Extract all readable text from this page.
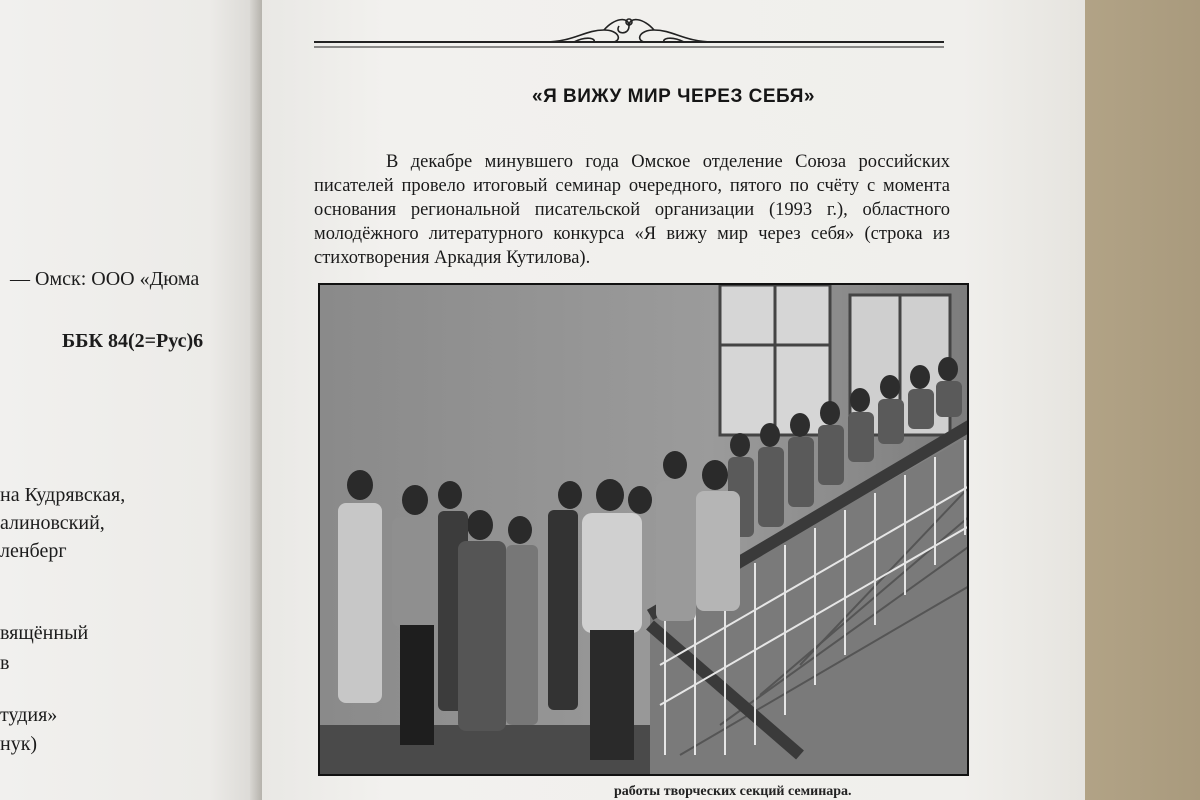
— Омск: ООО «Дюма
ББК 84(2=Рус)6
на Кудрявская,
алиновский,
ленберг
вящённый
в
тудия»
нук)
«Я ВИЖУ МИР ЧЕРЕЗ СЕБЯ»

В декабре минувшего года Омское отделение Союза российских писателей провело итоговый семинар очередного, пятого по счёту с момента основания региональной писательской организации (1993 г.), областного молодёжного литературного конкурса «Я вижу мир через себя» (строка из стихотворения Аркадия Кутилова).

работы творческих секций семинара.
